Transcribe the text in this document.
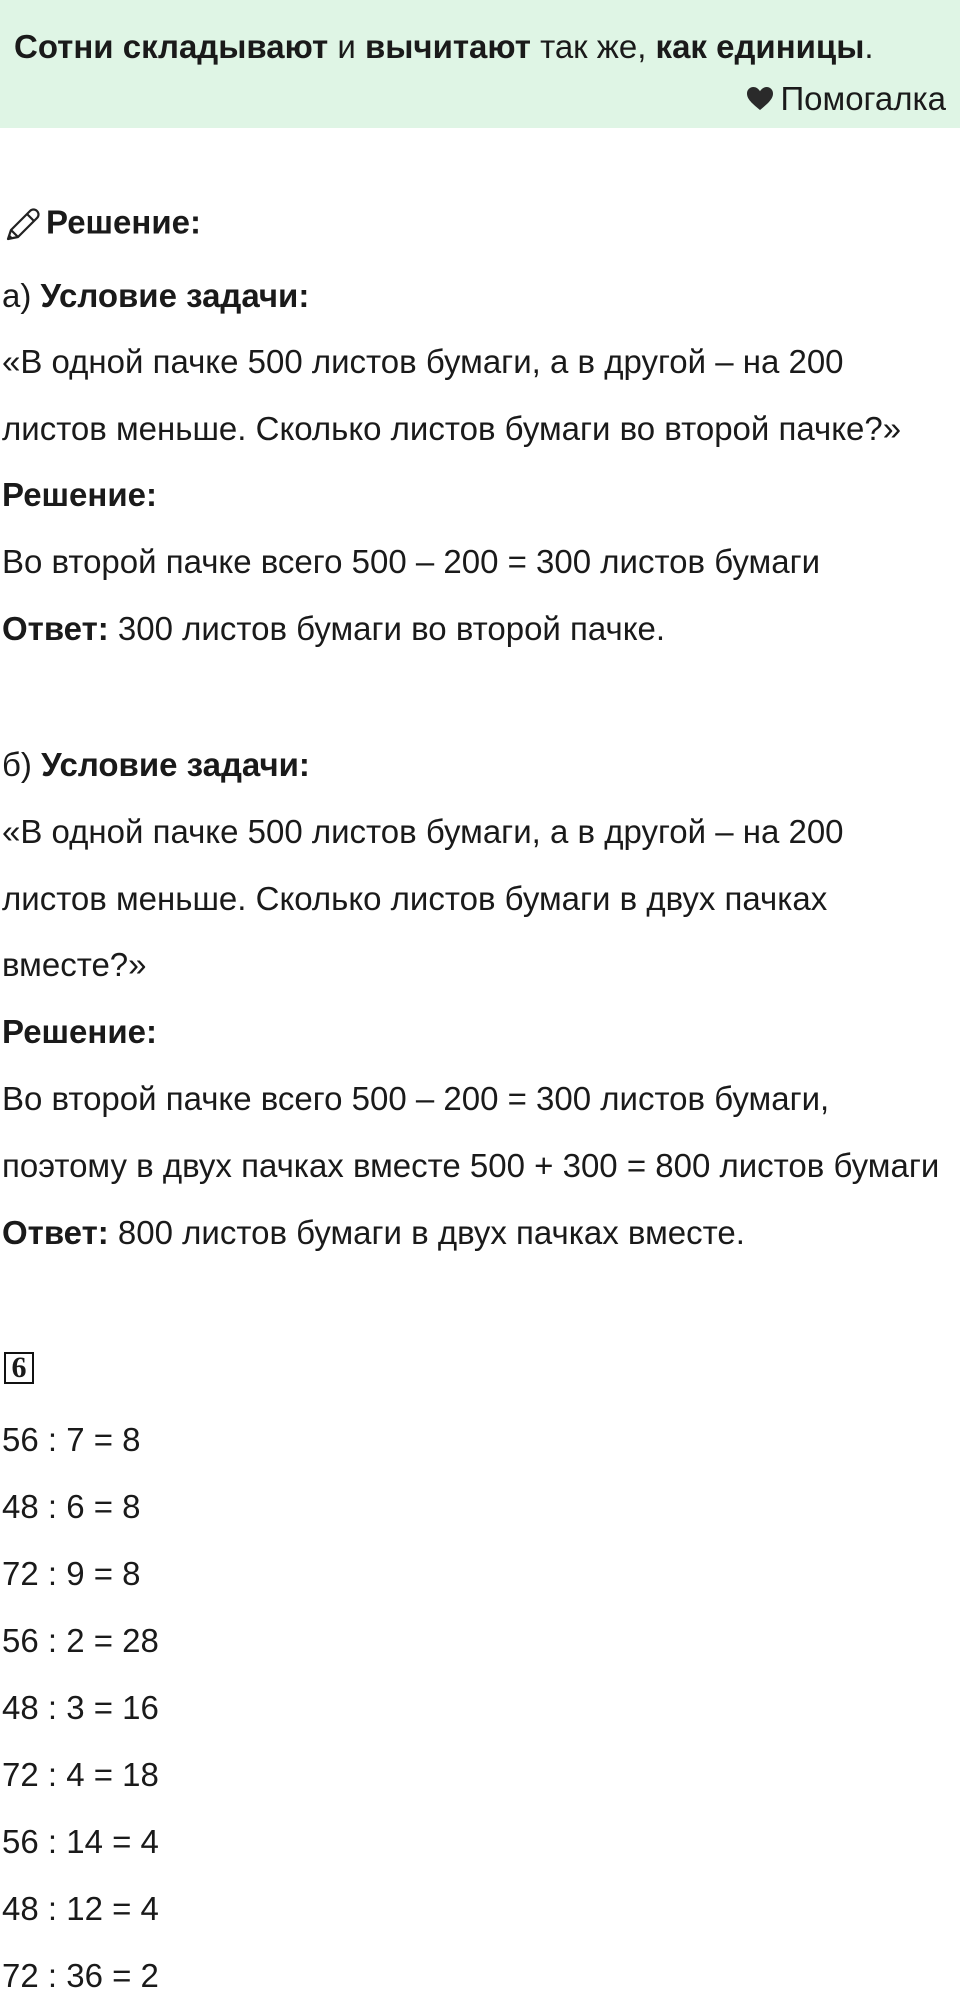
Сотни складывают и вычитают так же, как единицы.
Помогалка
Решение:
а) Условие задачи:
«В одной пачке 500 листов бумаги, а в другой – на 200
листов меньше. Сколько листов бумаги во второй пачке?»
Решение:
Во второй пачке всего 500 – 200 = 300 листов бумаги
Ответ: 300 листов бумаги во второй пачке.
б) Условие задачи:
«В одной пачке 500 листов бумаги, а в другой – на 200
листов меньше. Сколько листов бумаги в двух пачках
вместе?»
Решение:
Во второй пачке всего 500 – 200 = 300 листов бумаги,
поэтому в двух пачках вместе 500 + 300 = 800 листов бумаги
Ответ: 800 листов бумаги в двух пачках вместе.
6
56 : 7 = 8
48 : 6 = 8
72 : 9 = 8
56 : 2 = 28
48 : 3 = 16
72 : 4 = 18
56 : 14 = 4
48 : 12 = 4
72 : 36 = 2
